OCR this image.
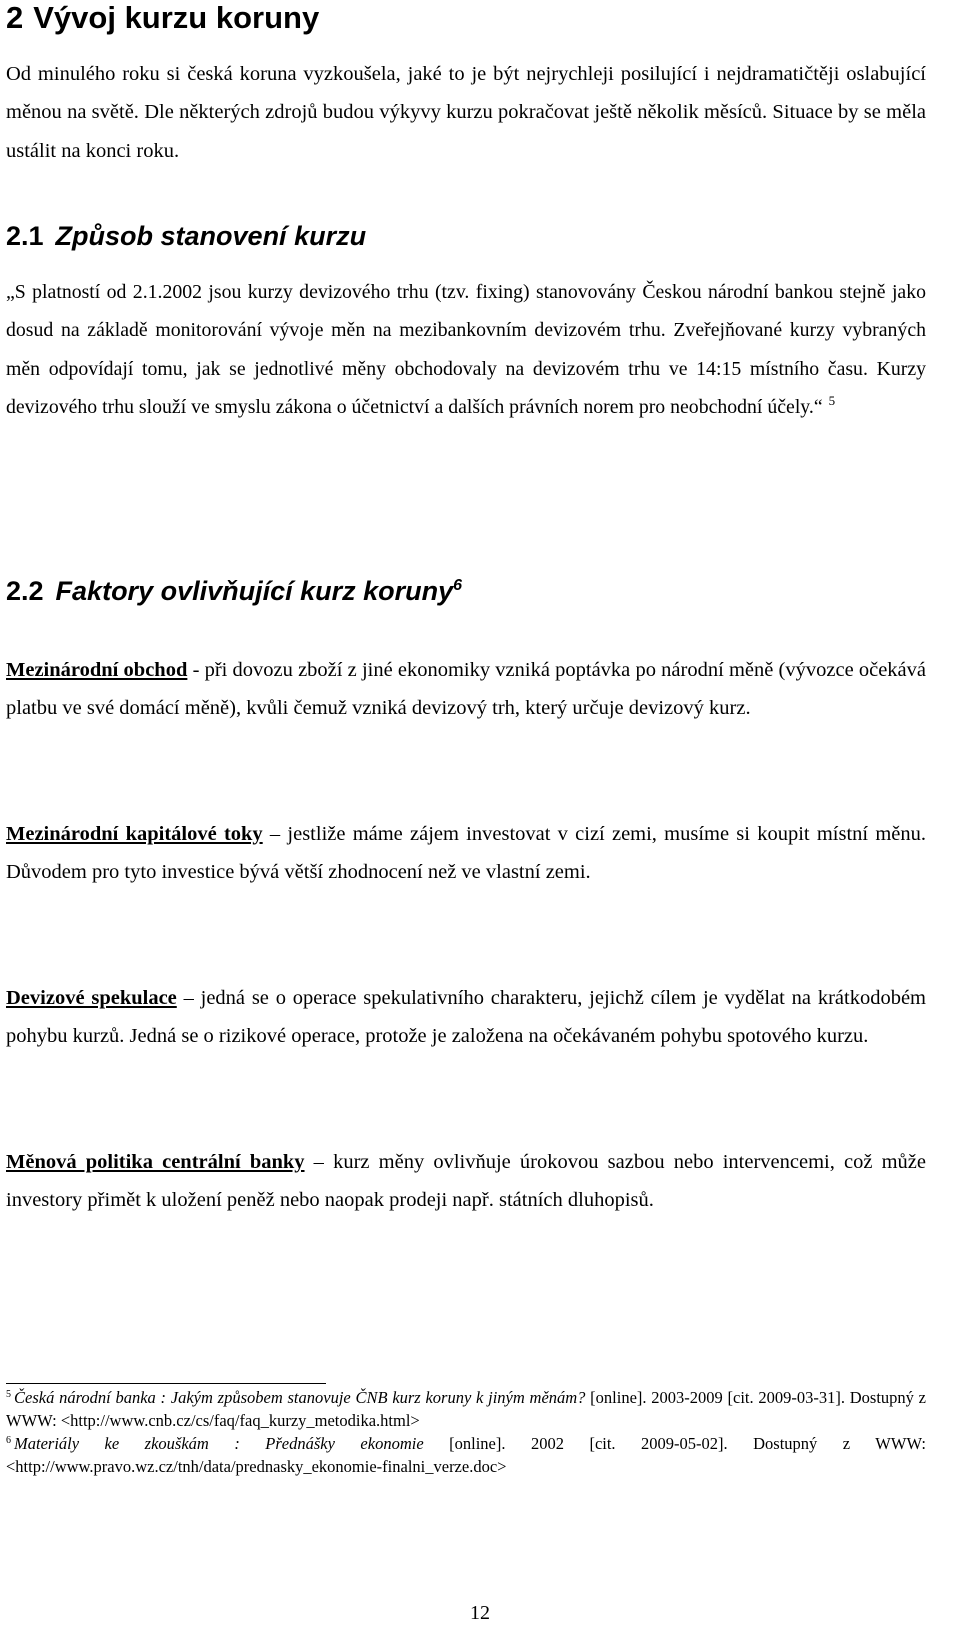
2 Vývoj kurzu koruny

Od minulého roku si česká koruna vyzkoušela, jaké to je být nejrychleji posilující i nejdramatičtěji oslabující měnou na světě. Dle některých zdrojů budou výkyvy kurzu pokračovat ještě několik měsíců. Situace by se měla ustálit na konci roku.

2.1 Způsob stanovení kurzu

„S platností od 2.1.2002 jsou kurzy devizového trhu (tzv. fixing) stanovovány Českou národní bankou stejně jako dosud na základě monitorování vývoje měn na mezibankovním devizovém trhu. Zveřejňované kurzy vybraných měn odpovídají tomu, jak se jednotlivé měny obchodovaly na devizovém trhu ve 14:15 místního času. Kurzy devizového trhu slouží ve smyslu zákona o účetnictví a dalších právních norem pro neobchodní účely.“ $^5$

2.2 Faktory ovlivňující kurz koruny$^6$

Mezinárodní obchod - při dovozu zboží z jiné ekonomiky vzniká poptávka po národní měně (vývozce očekává platbu ve své domácí měně), kvůli čemuž vzniká devizový trh, který určuje devizový kurz.

Mezinárodní kapitálové toky – jestliže máme zájem investovat v cizí zemi, musíme si koupit místní měnu. Důvodem pro tyto investice bývá větší zhodnocení než ve vlastní zemi.

Devizové spekulace – jedná se o operace spekulativního charakteru, jejichž cílem je vydělat na krátkodobém pohybu kurzů. Jedná se o rizikové operace, protože je založena na očekávaném pohybu spotového kurzu.

Měnová politika centrální banky – kurz měny ovlivňuje úrokovou sazbou nebo intervencemi, což může investory přimět k uložení peněž nebo naopak prodeji např. státních dluhopisů.

$^5$ Česká národní banka : Jakým způsobem stanovuje ČNB kurz koruny k jiným měnám? [online]. 2003-2009 [cit. 2009-03-31]. Dostupný z WWW: <http://www.cnb.cz/cs/faq/faq_kurzy_metodika.html>

$^6$ Materiály ke zkouškám : Přednášky ekonomie [online]. 2002 [cit. 2009-05-02]. Dostupný z WWW: <http://www.pravo.wz.cz/tnh/data/prednasky_ekonomie-finalni_verze.doc>

12
